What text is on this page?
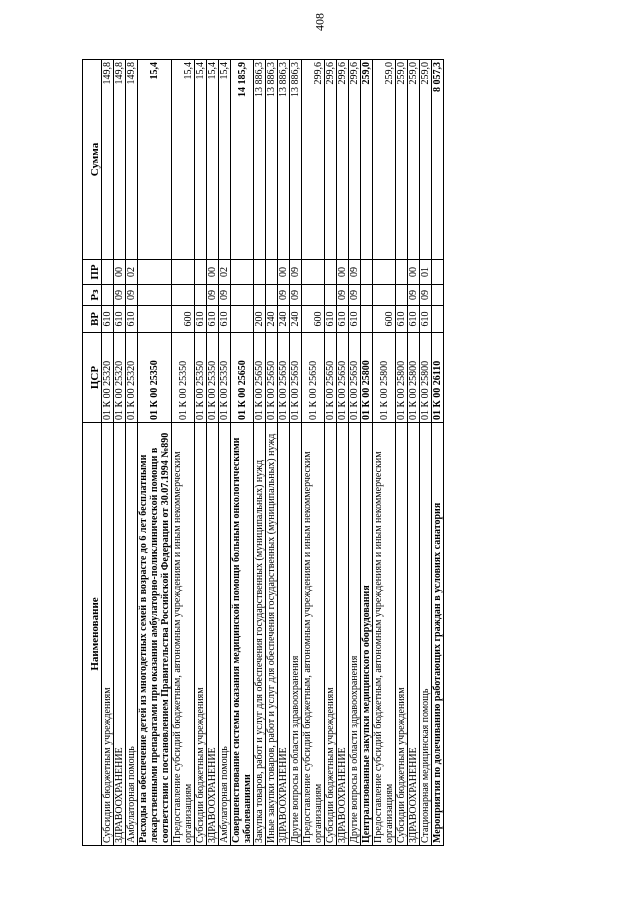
408
Наименование	ЦСР	ВР	Рз	ПР	Сумма
Субсидии бюджетным учреждениям	01 К 00 25320	610			149,8
ЗДРАВООХРАНЕНИЕ	01 К 00 25320	610	09	00	149,8
Амбулаторная помощь	01 К 00 25320	610	09	02	149,8
Расходы на обеспечение детей из многодетных семей в возрасте до 6 лет бесплатными лекарственными препаратами при оказании амбулаторно-поликлинической помощи в соответствии с постановлением Правительства Российской Федерации от 30.07.1994 №890	01 К 00 25350				15,4
Предоставление субсидий бюджетным, автономным учреждениям и иным некоммерческим организациям	01 К 00 25350	600			15,4
Субсидии бюджетным учреждениям	01 К 00 25350	610			15,4
ЗДРАВООХРАНЕНИЕ	01 К 00 25350	610	09	00	15,4
Амбулаторная помощь	01 К 00 25350	610	09	02	15,4
Совершенствование системы оказания медицинской помощи больным онкологическими заболеваниями	01 К 00 25650				14 185,9
Закупка товаров, работ и услуг для обеспечения государственных (муниципальных) нужд	01 К 00 25650	200			13 886,3
Иные закупки товаров, работ и услуг для обеспечения государственных (муниципальных) нужд	01 К 00 25650	240			13 886,3
ЗДРАВООХРАНЕНИЕ	01 К 00 25650	240	09	00	13 886,3
Другие вопросы в области здравоохранения	01 К 00 25650	240	09	09	13 886,3
Предоставление субсидий бюджетным, автономным учреждениям и иным некоммерческим организациям	01 К 00 25650	600			299,6
Субсидии бюджетным учреждениям	01 К 00 25650	610			299,6
ЗДРАВООХРАНЕНИЕ	01 К 00 25650	610	09	00	299,6
Другие вопросы в области здравоохранения	01 К 00 25650	610	09	09	299,6
Централизованные закупки медицинского оборудования	01 К 00 25800				259,0
Предоставление субсидий бюджетным, автономным учреждениям и иным некоммерческим организациям	01 К 00 25800	600			259,0
Субсидии бюджетным учреждениям	01 К 00 25800	610			259,0
ЗДРАВООХРАНЕНИЕ	01 К 00 25800	610	09	00	259,0
Стационарная медицинская помощь	01 К 00 25800	610	09	01	259,0
Мероприятия по долечиванию работающих граждан в условиях санатория	01 К 00 26110				8 057,3
